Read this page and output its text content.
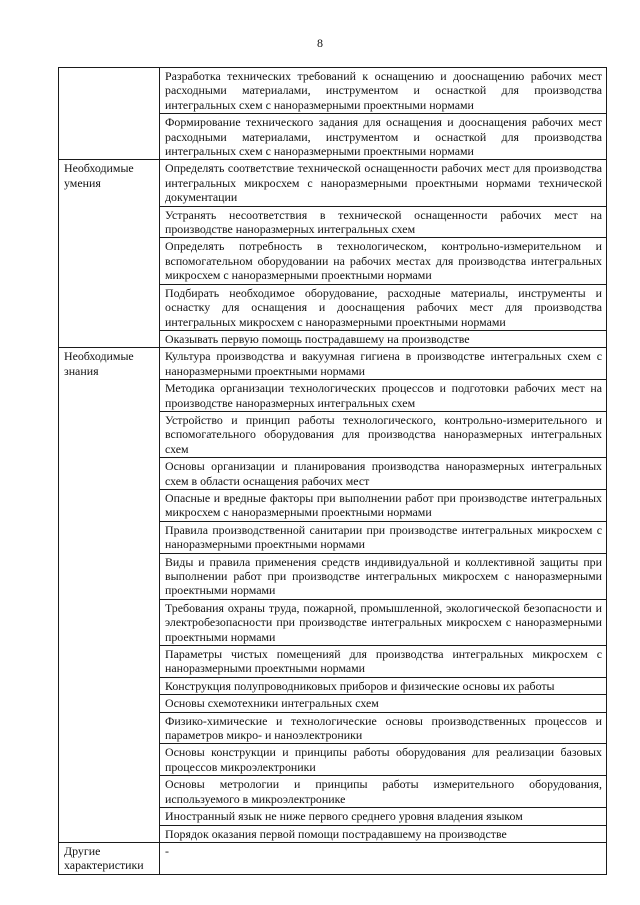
8
	Разработка технических требований к оснащению и дооснащению рабочих мест расходными материалами, инструментом и оснасткой для производства интегральных схем с наноразмерными проектными нормами
	Формирование технического задания для оснащения и дооснащения рабочих мест расходными материалами, инструментом и оснасткой для производства интегральных схем с наноразмерными проектными нормами
Необходимые умения	Определять соответствие технической оснащенности рабочих мест для производства интегральных микросхем с наноразмерными проектными нормами технической документации
	Устранять несоответствия в технической оснащенности рабочих мест на производстве наноразмерных интегральных схем
	Определять потребность в технологическом, контрольно-измерительном и вспомогательном оборудовании на рабочих местах для производства интегральных микросхем с наноразмерными проектными нормами
	Подбирать необходимое оборудование, расходные материалы, инструменты и оснастку для оснащения и дооснащения рабочих мест для производства интегральных микросхем с наноразмерными проектными нормами
	Оказывать первую помощь пострадавшему на производстве
Необходимые знания	Культура производства и вакуумная гигиена в производстве интегральных схем с наноразмерными проектными нормами
	Методика организации технологических процессов и подготовки рабочих мест на производстве наноразмерных интегральных схем
	Устройство и принцип работы технологического, контрольно-измерительного и вспомогательного оборудования для производства наноразмерных интегральных схем
	Основы организации и планирования производства наноразмерных интегральных схем в области оснащения рабочих мест
	Опасные и вредные факторы при выполнении работ при производстве интегральных микросхем с наноразмерными проектными нормами
	Правила производственной санитарии при производстве интегральных микросхем с наноразмерными проектными нормами
	Виды и правила применения средств индивидуальной и коллективной защиты при выполнении работ при производстве интегральных микросхем с наноразмерными проектными нормами
	Требования охраны труда, пожарной, промышленной, экологической безопасности и электробезопасности при производстве интегральных микросхем с наноразмерными проектными нормами
	Параметры чистых помещенияй для производства интегральных микросхем с наноразмерными проектными нормами
	Конструкция полупроводниковых приборов и физические основы их работы
	Основы схемотехники интегральных схем
	Физико-химические и технологические основы производственных процессов и параметров микро- и наноэлектроники
	Основы конструкции и принципы работы оборудования для реализации базовых процессов микроэлектроники
	Основы метрологии и принципы работы измерительного оборудования, используемого в микроэлектронике
	Иностранный язык не ниже первого среднего уровня владения языком
	Порядок оказания первой помощи пострадавшему на производстве
Другие характеристики	-
